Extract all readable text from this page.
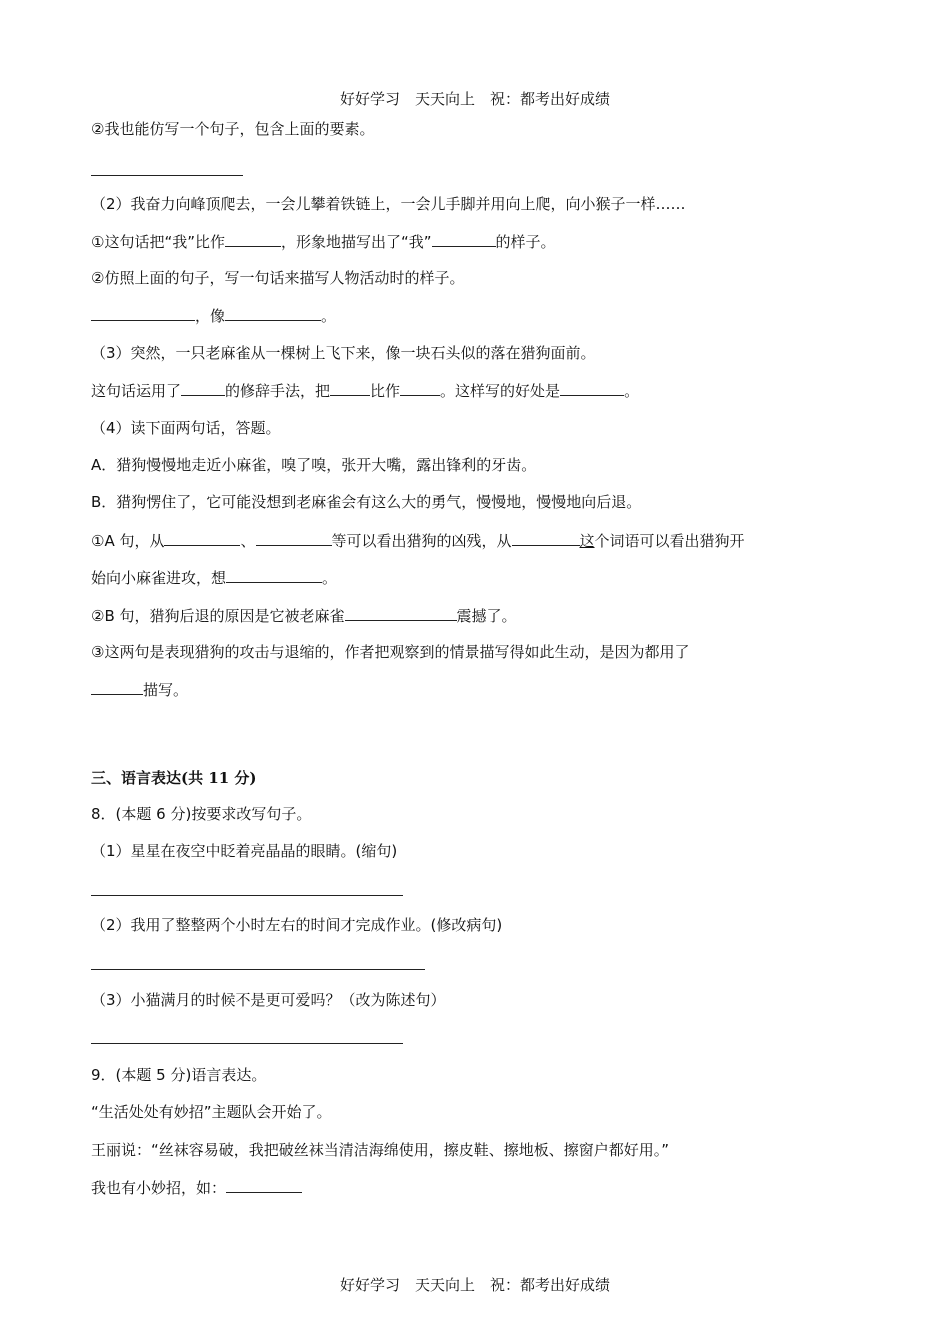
好好学习　天天向上　祝：都考出好成绩
②我也能仿写一个句子，包含上面的要素。
（2）我奋力向峰顶爬去，一会儿攀着铁链上，一会儿手脚并用向上爬，向小猴子一样……
①这句话把“我”比作	，形象地描写出了“我”	的样子。
②仿照上面的句子，写一句话来描写人物活动时的样子。
，像	。
（3）突然，一只老麻雀从一棵树上飞下来，像一块石头似的落在猎狗面前。
这句话运用了	的修辞手法，把	比作	。这样写的好处是	。
（4）读下面两句话，答题。
A．猎狗慢慢地走近小麻雀，嗅了嗅，张开大嘴，露出锋利的牙齿。
B．猎狗愣住了，它可能没想到老麻雀会有这么大的勇气，慢慢地，慢慢地向后退。
①A 句，从	、	等可以看出猎狗的凶残，从	这个词语可以看出猎狗开
始向小麻雀进攻，想	。
②B 句，猎狗后退的原因是它被老麻雀	震撼了。
③这两句是表现猎狗的攻击与退缩的，作者把观察到的情景描写得如此生动，是因为都用了
描写。
三、语言表达(共 11 分)
8．(本题 6 分)按要求改写句子。
（1）星星在夜空中眨着亮晶晶的眼睛。(缩句)
（2）我用了整整两个小时左右的时间才完成作业。(修改病句)
（3）小猫满月的时候不是更可爱吗？（改为陈述句）
9．(本题 5 分)语言表达。
“生活处处有妙招”主题队会开始了。
王丽说：“丝袜容易破，我把破丝袜当清洁海绵使用，擦皮鞋、擦地板、擦窗户都好用。”
我也有小妙招，如：
好好学习　天天向上　祝：都考出好成绩
